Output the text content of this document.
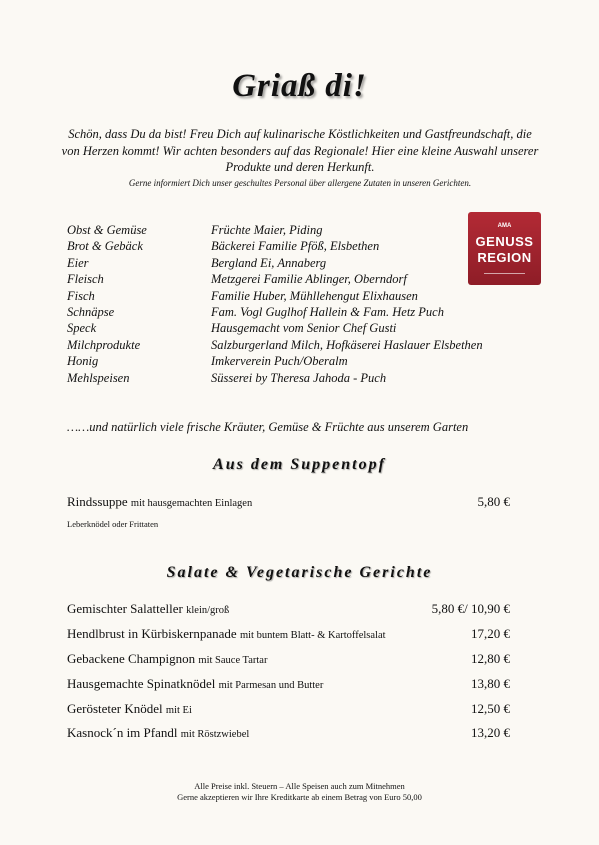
Griaß di!
Schön, dass Du da bist! Freu Dich auf kulinarische Köstlichkeiten und Gastfreundschaft, die von Herzen kommt! Wir achten besonders auf das Regionale! Hier eine kleine Auswahl unserer Produkte und deren Herkunft.
Gerne informiert Dich unser geschultes Personal über allergene Zutaten in unseren Gerichten.
Obst & Gemüse	Früchte Maier, Piding
Brot & Gebäck	Bäckerei Familie Pföß, Elsbethen
Eier	Bergland Ei, Annaberg
Fleisch	Metzgerei Familie Ablinger, Oberndorf
Fisch	Familie Huber, Mühllehengut Elixhausen
Schnäpse	Fam. Vogl Guglhof Hallein & Fam. Hetz Puch
Speck	Hausgemacht vom Senior Chef Gusti
Milchprodukte	Salzburgerland Milch, Hofkäserei Haslauer Elsbethen
Honig	Imkerverein Puch/Oberalm
Mehlspeisen	Süsserei by Theresa Jahoda - Puch
AMA
GENUSS
REGION
……und natürlich viele frische Kräuter, Gemüse & Früchte aus unserem Garten
Aus dem Suppentopf
Rindssuppe mit hausgemachten Einlagen	5,80 €
Leberknödel oder Frittaten
Salate & Vegetarische Gerichte
Gemischter Salatteller klein/groß	5,80 €/ 10,90 €
Hendlbrust in Kürbiskernpanade mit buntem Blatt- & Kartoffelsalat	17,20 €
Gebackene Champignon mit Sauce Tartar	12,80 €
Hausgemachte Spinatknödel mit Parmesan und Butter	13,80 €
Gerösteter Knödel mit Ei	12,50 €
Kasnock´n im Pfandl mit Röstzwiebel	13,20 €
Alle Preise inkl. Steuern – Alle Speisen auch zum Mitnehmen
Gerne akzeptieren wir Ihre Kreditkarte ab einem Betrag von Euro 50,00
